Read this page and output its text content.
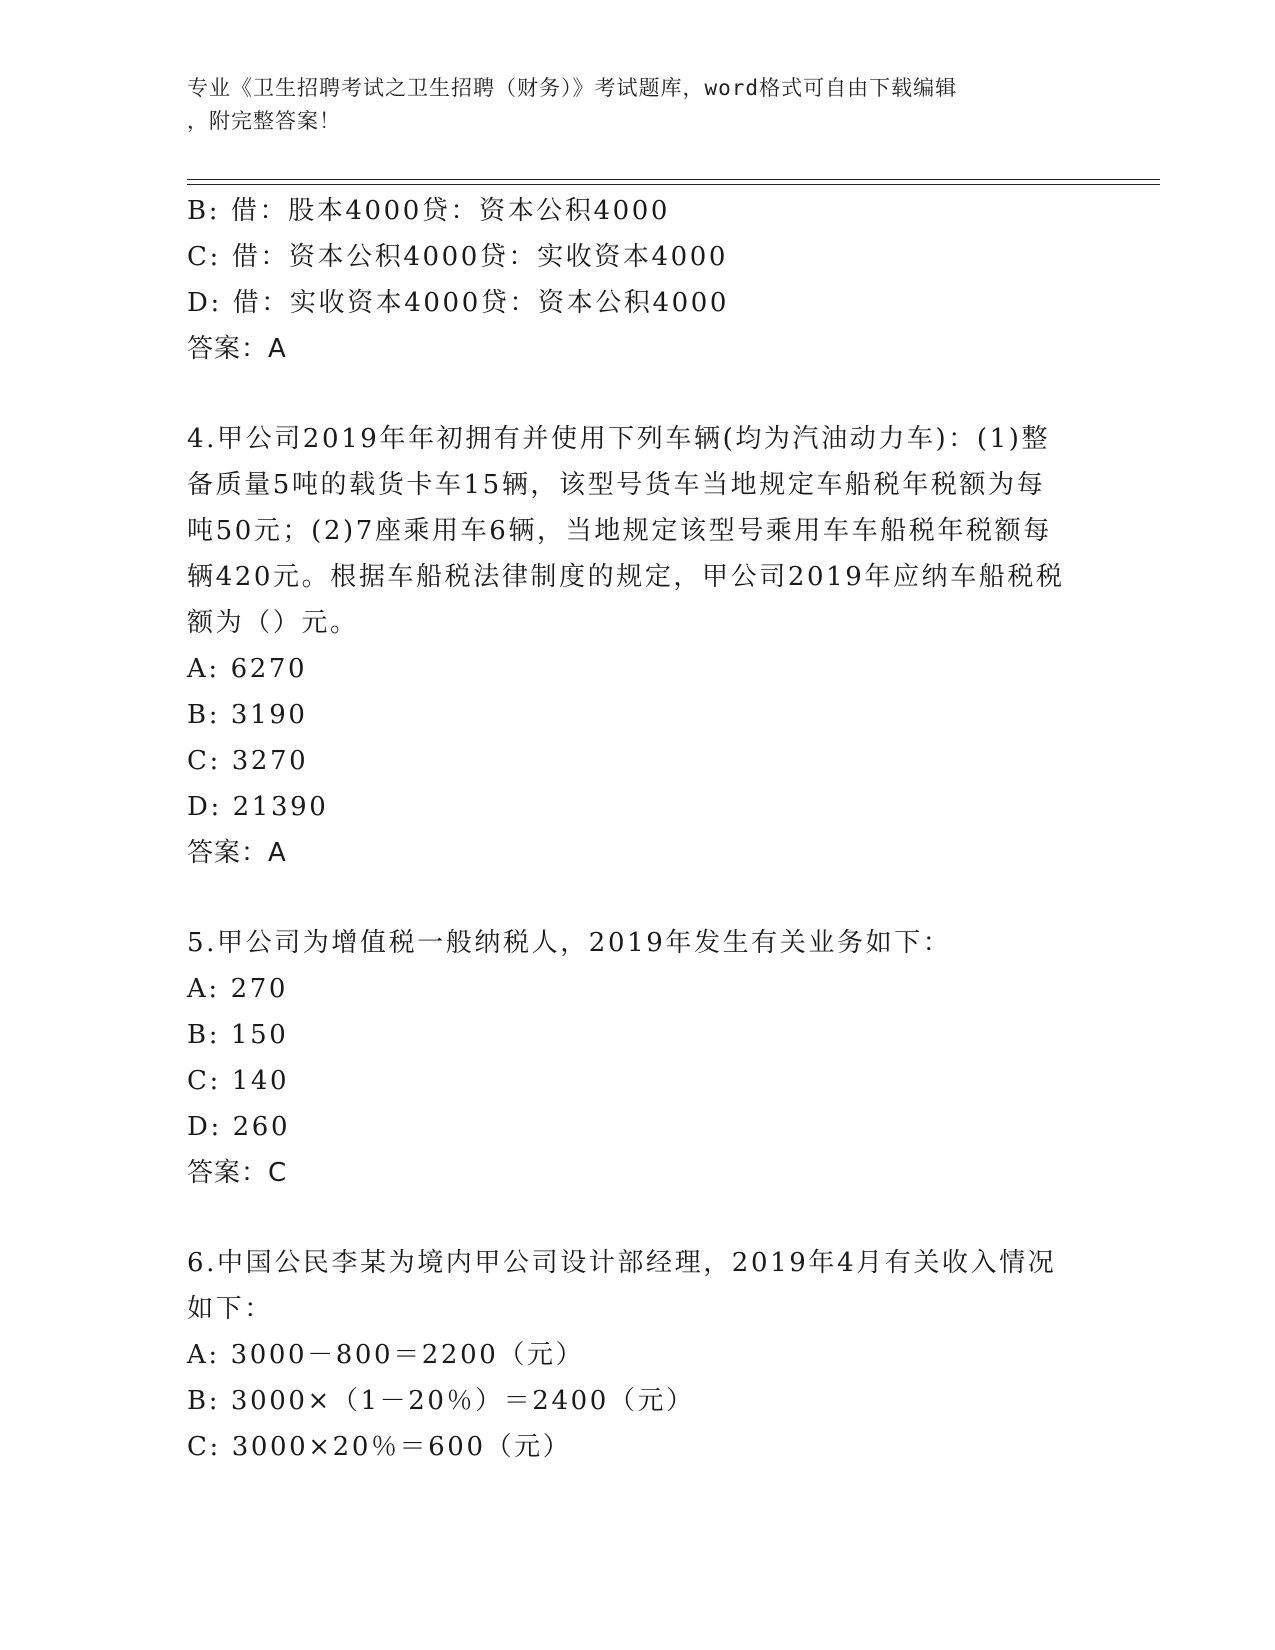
专业《卫生招聘考试之卫生招聘（财务）》考试题库，word格式可自由下载编辑
，附完整答案！
B: 借：股本4000贷：资本公积4000
C: 借：资本公积4000贷：实收资本4000
D: 借：实收资本4000贷：资本公积4000
答案：A
4.甲公司2019年年初拥有并使用下列车辆(均为汽油动力车)：(1)整
备质量5吨的载货卡车15辆，该型号货车当地规定车船税年税额为每
吨50元；(2)7座乘用车6辆，当地规定该型号乘用车车船税年税额每
辆420元。根据车船税法律制度的规定，甲公司2019年应纳车船税税
额为（）元。
A: 6270
B: 3190
C: 3270
D: 21390
答案：A
5.甲公司为增值税一般纳税人，2019年发生有关业务如下：
A: 270
B: 150
C: 140
D: 260
答案：C
6.中国公民李某为境内甲公司设计部经理，2019年4月有关收入情况
如下：
A: 3000－800＝2200（元）
B: 3000×（1－20％）＝2400（元）
C: 3000×20％＝600（元）
